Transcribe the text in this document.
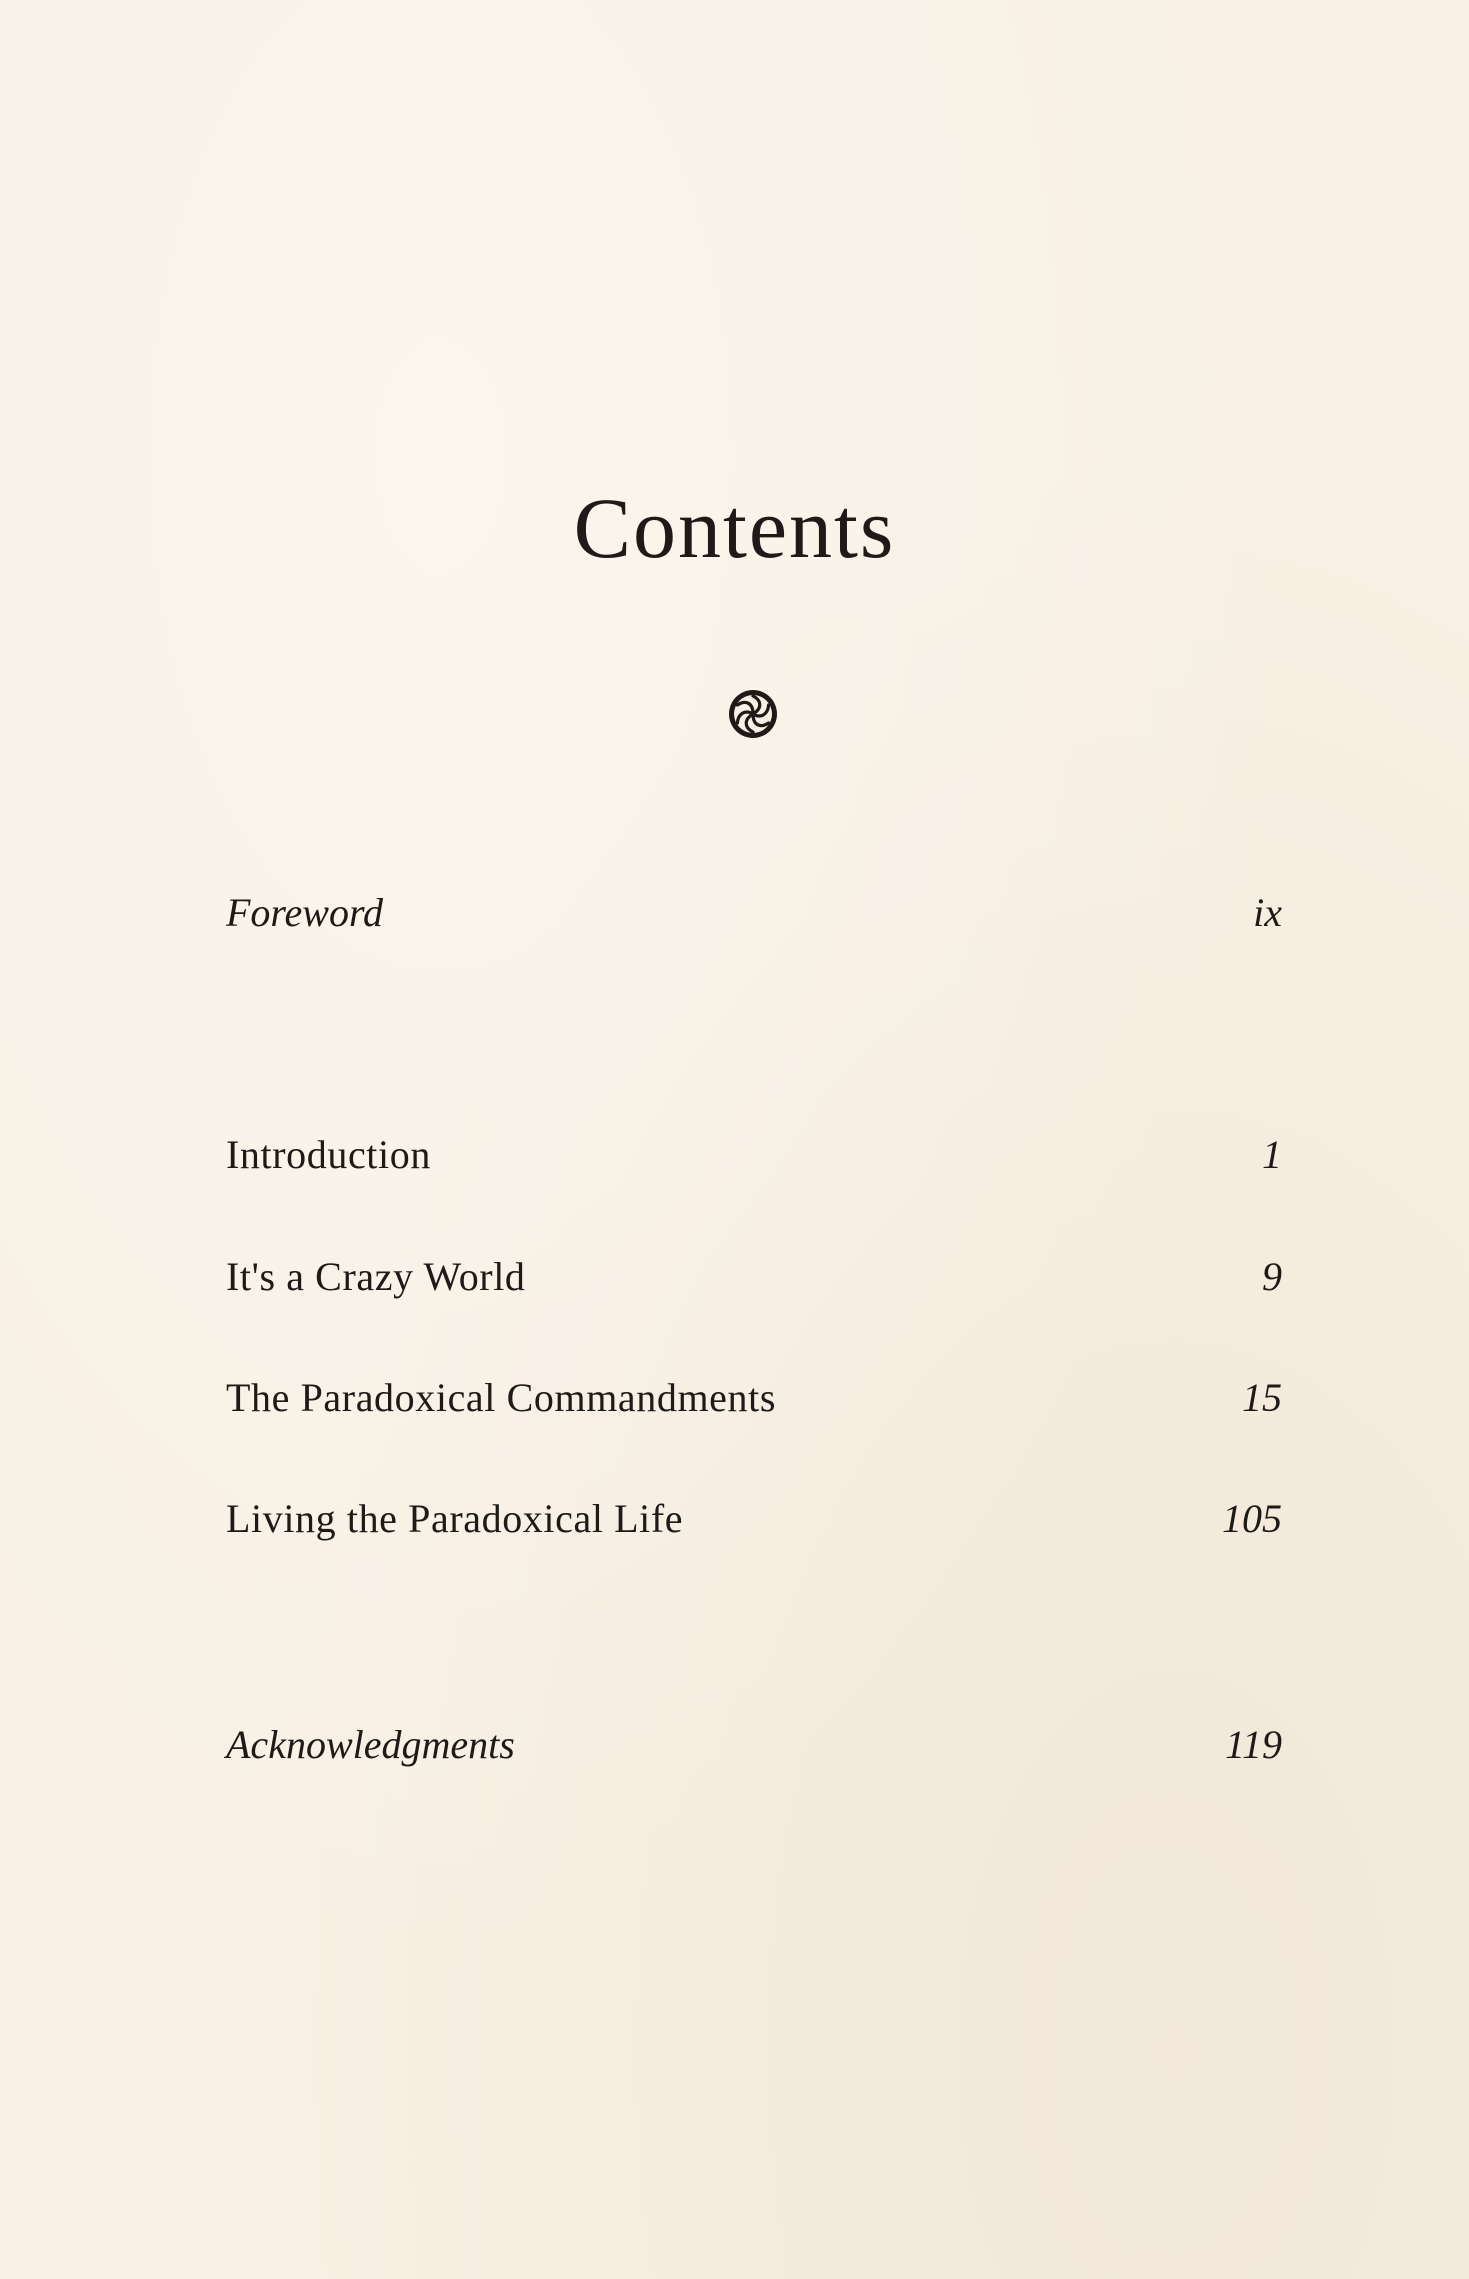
Contents
Foreword	ix
Introduction	1
It's a Crazy World	9
The Paradoxical Commandments	15
Living the Paradoxical Life	105
Acknowledgments	119
